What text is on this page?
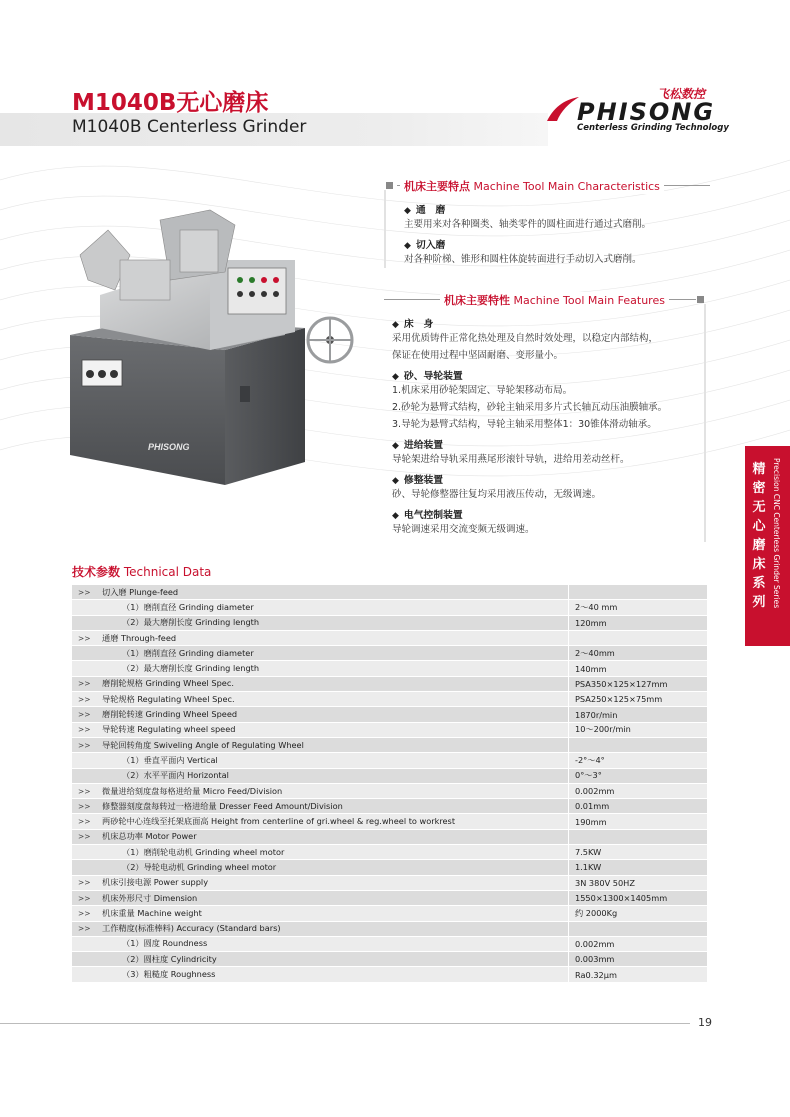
M1040B无心磨床
M1040B Centerless Grinder
飞松数控
PHISONG
Centerless Grinding Technology
PHISONG
机床主要特点 Machine Tool Main Characteristics
◆ 通　磨
主要用来对各种圈类、轴类零件的圆柱面进行通过式磨削。
◆ 切入磨
对各种阶梯、锥形和圆柱体旋转面进行手动切入式磨削。
机床主要特性 Machine Tool Main Features
◆ 床　身
采用优质铸件正常化热处理及自然时效处理，以稳定内部结构，
保证在使用过程中坚固耐磨、变形量小。
◆ 砂、导轮装置
1.机床采用砂轮架固定、导轮架移动布局。
2.砂轮为悬臂式结构，砂轮主轴采用多片式长轴瓦动压油膜轴承。
3.导轮为悬臂式结构，导轮主轴采用整体1：30锥体滑动轴承。
◆ 进给装置
导轮架进给导轨采用燕尾形滚针导轨，进给用差动丝杆。
◆ 修整装置
砂、导轮修整器往复均采用液压传动，无级调速。
◆ 电气控制装置
导轮调速采用交流变频无级调速。
精密无心磨床系列 Precision CNC Centerless Grinder Series
技术参数 Technical Data
>>	切入磨 Plunge-feed	
	（1）磨削直径 Grinding diameter	2～40 mm
	（2）最大磨削长度 Grinding length	120mm
>>	通磨 Through-feed	
	（1）磨削直径 Grinding diameter	2～40mm
	（2）最大磨削长度 Grinding length	140mm
>>	磨削轮规格 Grinding Wheel Spec.	PSA350×125×127mm
>>	导轮规格 Regulating Wheel Spec.	PSA250×125×75mm
>>	磨削轮转速 Grinding Wheel Speed	1870r/min
>>	导轮转速 Regulating wheel speed	10～200r/min
>>	导轮回转角度 Swiveling Angle of Regulating Wheel	
	（1）垂直平面内 Vertical	-2°～4°
	（2）水平平面内 Horizontal	0°～3°
>>	微量进给刻度盘每格进给量 Micro Feed/Division	0.002mm
>>	修整器刻度盘每转过一格进给量 Dresser Feed Amount/Division	0.01mm
>>	两砂轮中心连线至托架底面高 Height from centerline of gri.wheel & reg.wheel to workrest	190mm
>>	机床总功率 Motor Power	
	（1）磨削轮电动机 Grinding wheel motor	7.5KW
	（2）导轮电动机 Grinding wheel motor	1.1KW
>>	机床引接电源 Power supply	3N 380V 50HZ
>>	机床外形尺寸 Dimension	1550×1300×1405mm
>>	机床重量 Machine weight	约 2000Kg
>>	工作精度(标准棒料) Accuracy (Standard bars)	
	（1）圆度 Roundness	0.002mm
	（2）圆柱度 Cylindricity	0.003mm
	（3）粗糙度 Roughness	Ra0.32μm
19
